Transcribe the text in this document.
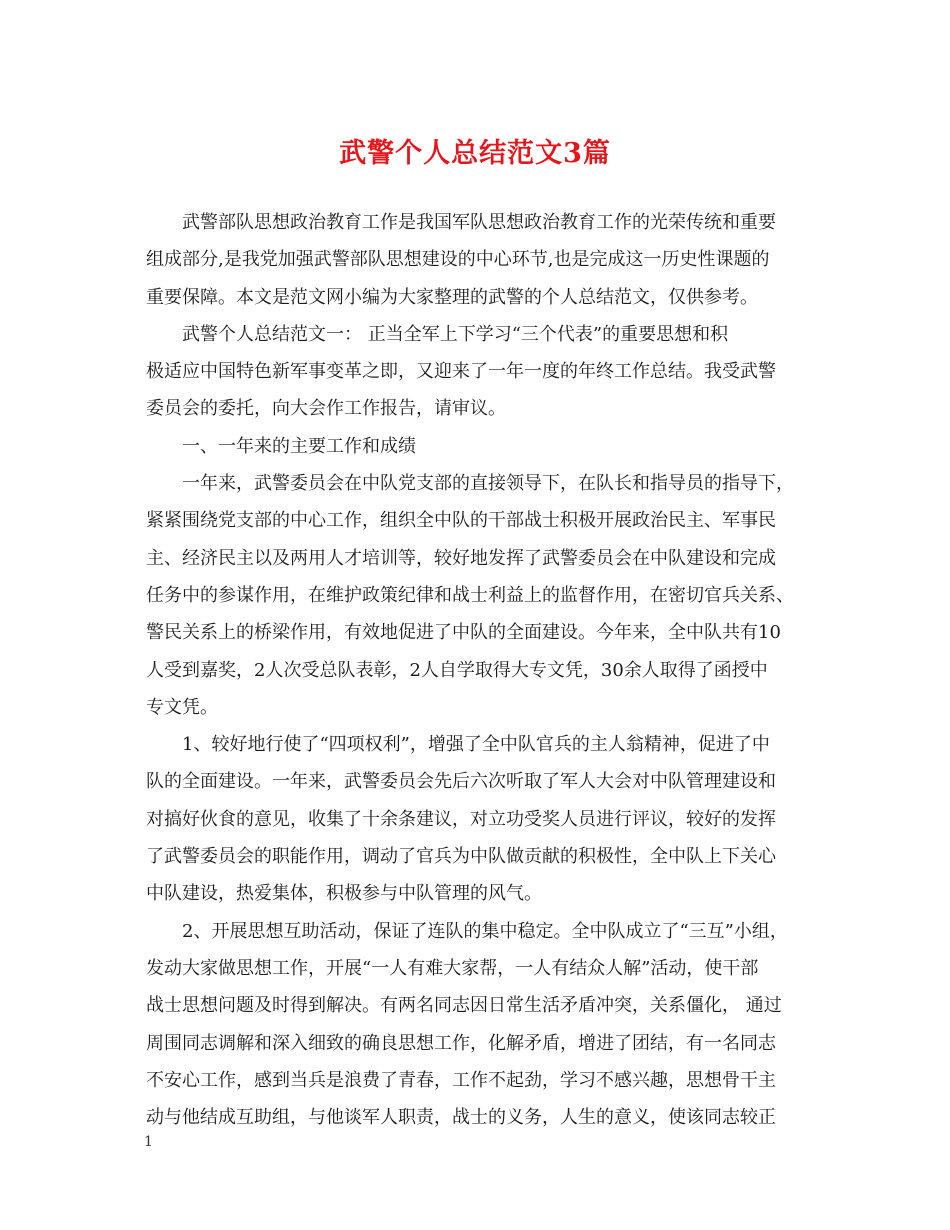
武警个人总结范文3篇
武警部队思想政治教育工作是我国军队思想政治教育工作的光荣传统和重要
组成部分,是我党加强武警部队思想建设的中心环节,也是完成这一历史性课题的
重要保障。本文是范文网小编为大家整理的武警的个人总结范文，仅供参考。
武警个人总结范文一： 正当全军上下学习“三个代表”的重要思想和积
极适应中国特色新军事变革之即，又迎来了一年一度的年终工作总结。我受武警
委员会的委托，向大会作工作报告，请审议。
一、一年来的主要工作和成绩
一年来，武警委员会在中队党支部的直接领导下，在队长和指导员的指导下，
紧紧围绕党支部的中心工作，组织全中队的干部战士积极开展政治民主、军事民
主、经济民主以及两用人才培训等，较好地发挥了武警委员会在中队建设和完成
任务中的参谋作用，在维护政策纪律和战士利益上的监督作用，在密切官兵关系、
警民关系上的桥梁作用，有效地促进了中队的全面建设。今年来，全中队共有10
人受到嘉奖，2人次受总队表彰，2人自学取得大专文凭，30余人取得了函授中
专文凭。
1、较好地行使了“四项权利”，增强了全中队官兵的主人翁精神，促进了中
队的全面建设。一年来，武警委员会先后六次听取了军人大会对中队管理建设和
对搞好伙食的意见，收集了十余条建议，对立功受奖人员进行评议，较好的发挥
了武警委员会的职能作用，调动了官兵为中队做贡献的积极性，全中队上下关心
中队建设，热爱集体，积极参与中队管理的风气。
2、开展思想互助活动，保证了连队的集中稳定。全中队成立了“三互”小组，
发动大家做思想工作，开展“一人有难大家帮，一人有结众人解”活动，使干部
战士思想问题及时得到解决。有两名同志因日常生活矛盾冲突，关系僵化， 通过
周围同志调解和深入细致的确良思想工作，化解矛盾，增进了团结，有一名同志
不安心工作，感到当兵是浪费了青春，工作不起劲，学习不感兴趣，思想骨干主
动与他结成互助组，与他谈军人职责，战士的义务，人生的意义，使该同志较正
1
